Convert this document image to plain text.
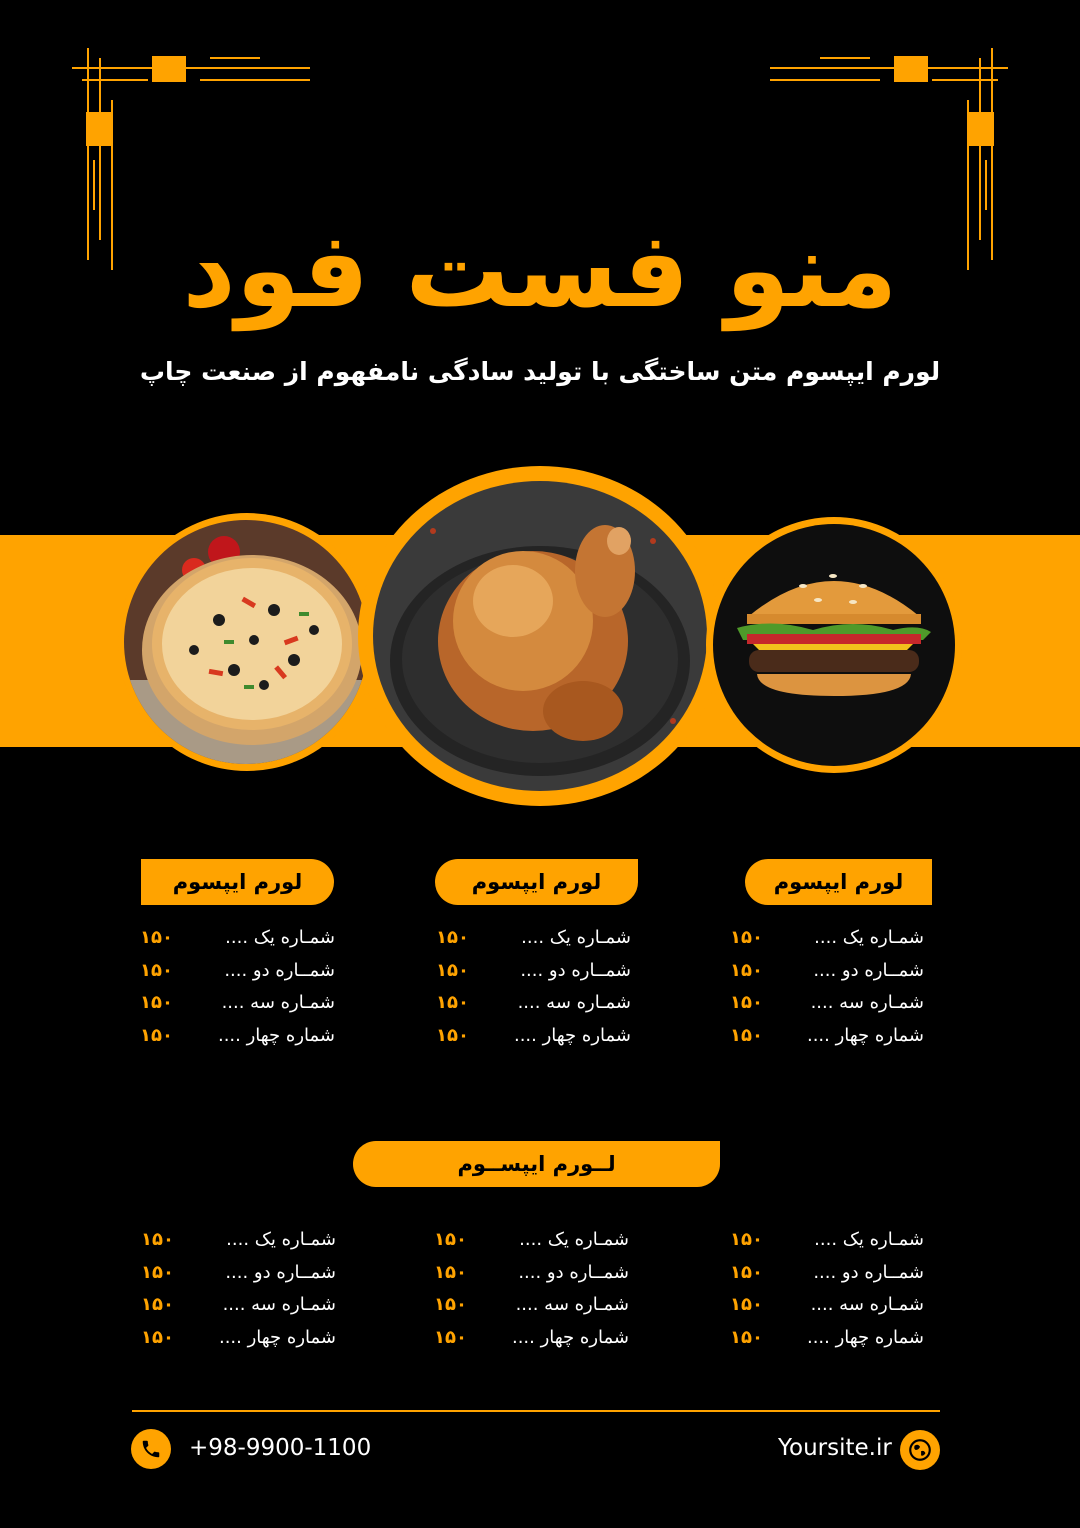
منو فست فود
لورم ایپسوم متن ساختگی با تولید سادگی نامفهوم از صنعت چاپ
لورم ایپسوم	لورم ایپسوم	لورم ایپسوم
شمـاره یک ....
۱۵۰
شمــاره دو ....
۱۵۰
شمـاره سه ....
۱۵۰
شماره چهار ....
۱۵۰
شمـاره یک ....
۱۵۰
شمــاره دو ....
۱۵۰
شمـاره سه ....
۱۵۰
شماره چهار ....
۱۵۰
شمـاره یک ....
۱۵۰
شمــاره دو ....
۱۵۰
شمـاره سه ....
۱۵۰
شماره چهار ....
۱۵۰
لــورم ایپســوم
شمـاره یک ....
۱۵۰
شمــاره دو ....
۱۵۰
شمـاره سه ....
۱۵۰
شماره چهار ....
۱۵۰
شمـاره یک ....
۱۵۰
شمــاره دو ....
۱۵۰
شمـاره سه ....
۱۵۰
شماره چهار ....
۱۵۰
شمـاره یک ....
۱۵۰
شمــاره دو ....
۱۵۰
شمـاره سه ....
۱۵۰
شماره چهار ....
۱۵۰
+98-9900-1100	Yoursite.ir
